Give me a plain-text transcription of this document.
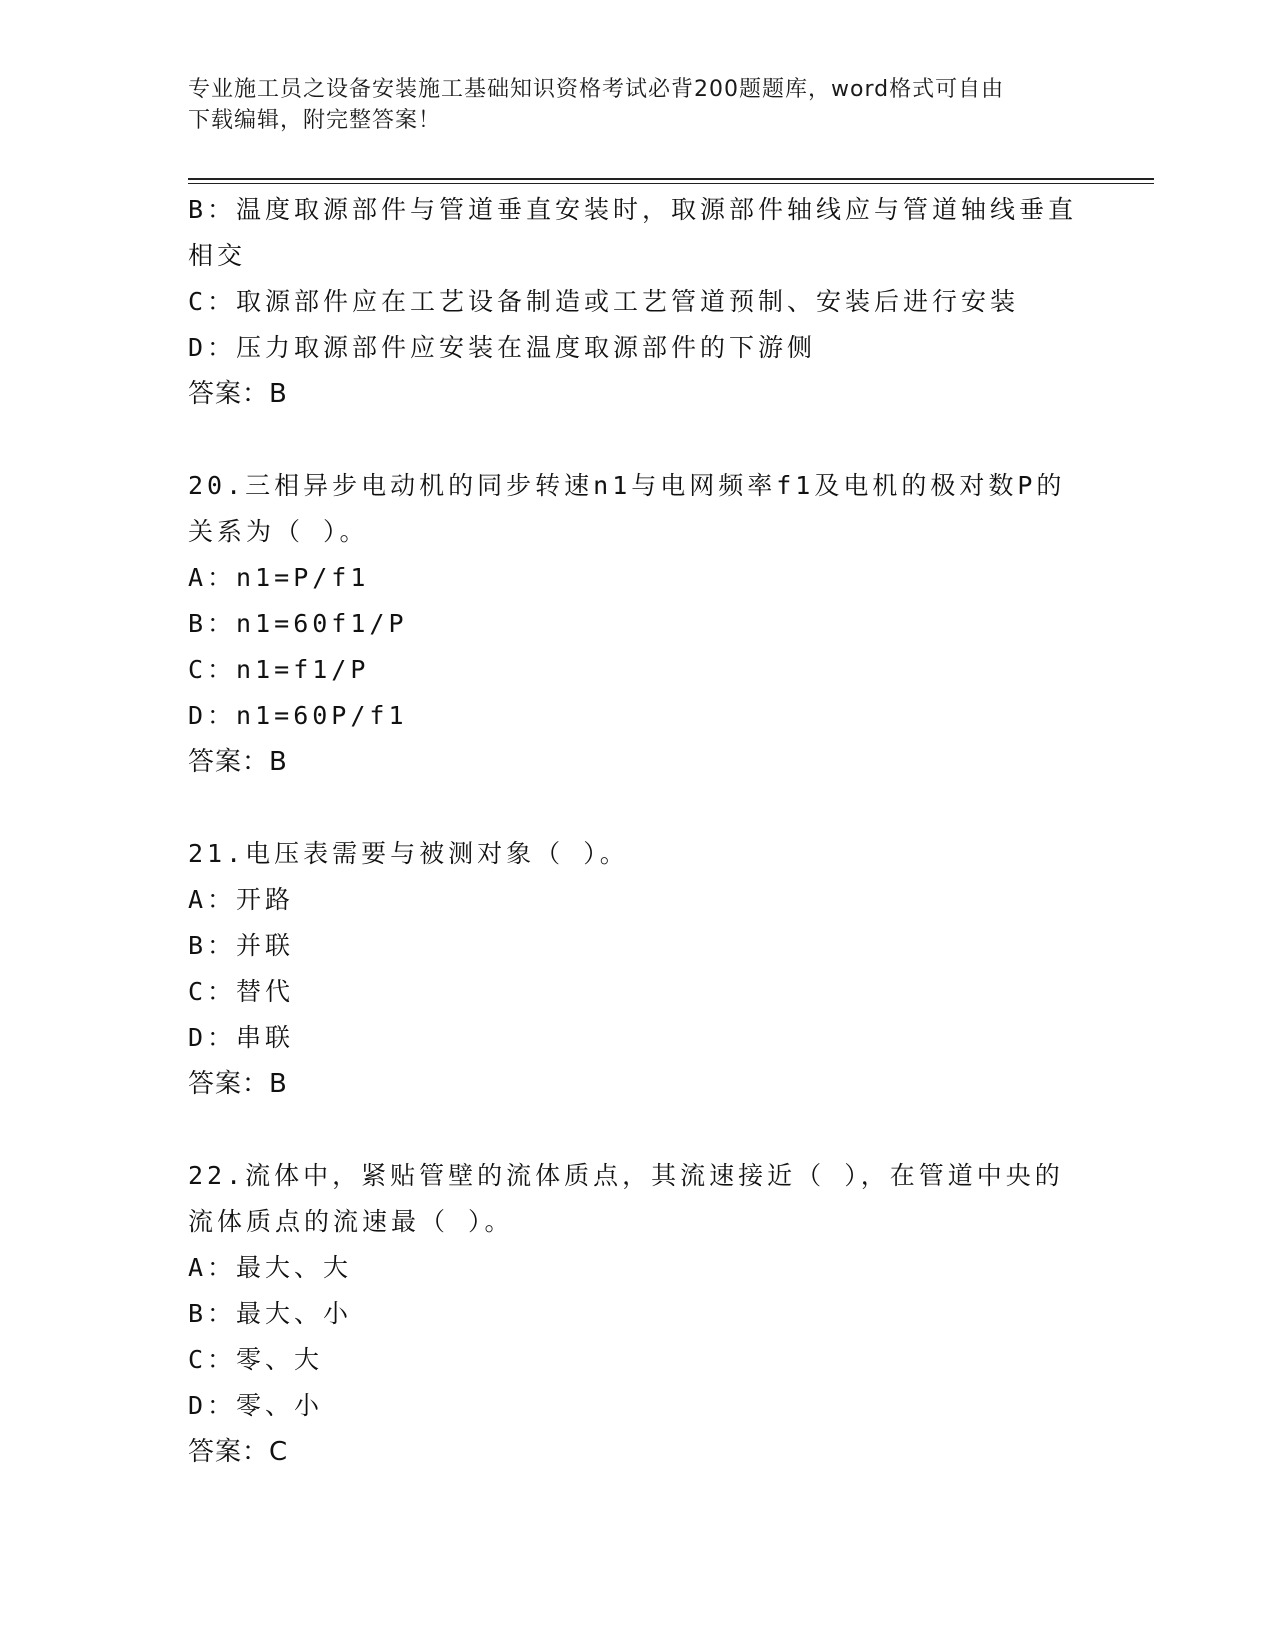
专业施工员之设备安装施工基础知识资格考试必背200题题库，word格式可自由
下载编辑，附完整答案！
B：温度取源部件与管道垂直安装时，取源部件轴线应与管道轴线垂直
相交
C：取源部件应在工艺设备制造或工艺管道预制、安装后进行安装
D：压力取源部件应安装在温度取源部件的下游侧
答案：B
20.三相异步电动机的同步转速n1与电网频率f1及电机的极对数P的
关系为（ ）。
A：n1=P/f1
B：n1=60f1/P
C：n1=f1/P
D：n1=60P/f1
答案：B
21.电压表需要与被测对象（ ）。
A：开路
B：并联
C：替代
D：串联
答案：B
22.流体中，紧贴管壁的流体质点，其流速接近（ ），在管道中央的
流体质点的流速最（ ）。
A：最大、大
B：最大、小
C：零、大
D：零、小
答案：C
